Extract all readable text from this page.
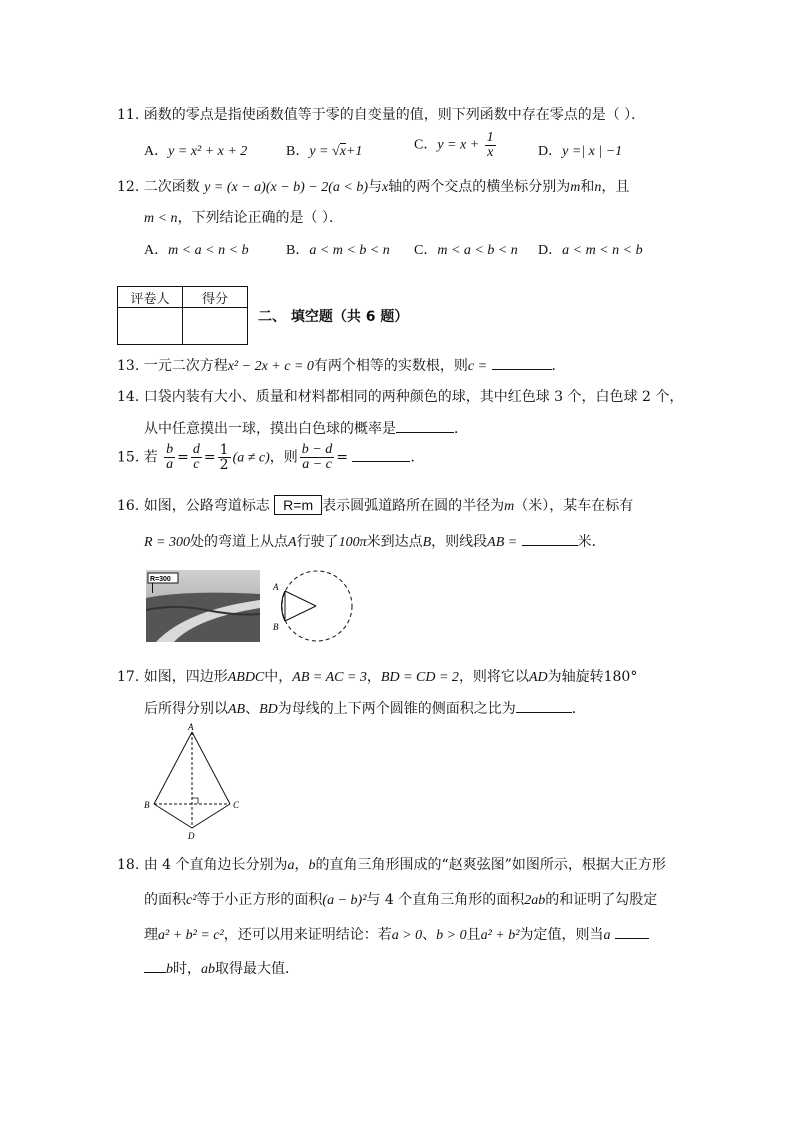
11. 函数的零点是指使函数值等于零的自变量的值，则下列函数中存在零点的是（ ）．
A．y = x² + x + 2	B．y = √x+1	C．$y = x + \frac{1}{x}$	D．y =| x | −1
12. 二次函数 y = (x − a)(x − b) − 2(a < b)与x轴的两个交点的横坐标分别为m和n，且
m < n，下列结论正确的是（ ）．
A．m < a < n < b	B．a < m < b < n C．m < a < b < n D．a < m < n < b
评卷人	得分

二、 填空题（共 6 题）
13. 一元二次方程x² − 2x + c = 0有两个相等的实数根，则c =	．
14. 口袋内装有大小、质量和材料都相同的两种颜色的球，其中红色球 3 个，白色球 2 个，
从中任意摸出一球，摸出白色球的概率是	．
15. 若 $\frac{b}{a} = \frac{d}{c} = \frac{1}{2} (a \ne c)$，则 $\frac{b - d}{a - c}$ =	．
16. 如图，公路弯道标志 R=m 表示圆弧道路所在圆的半径为m（米），某车在标有
R = 300处的弯道上从点A行驶了100π米到达点B，则线段AB =	米．
R=300
A
B
17. 如图，四边形ABDC中，AB = AC = 3，BD = CD = 2，则将它以AD为轴旋转180°
后所得分别以AB、BD为母线的上下两个圆锥的侧面积之比为	．
A
B	C
D
18. 由 4 个直角边长分别为a，b的直角三角形围成的“赵爽弦图”如图所示，根据大正方形
的面积c²等于小正方形的面积(a − b)²与 4 个直角三角形的面积2ab的和证明了勾股定
理a² + b² = c²，还可以用来证明结论：若a > 0、b > 0且a² + b²为定值，则当a
b时，ab取得最大值．
